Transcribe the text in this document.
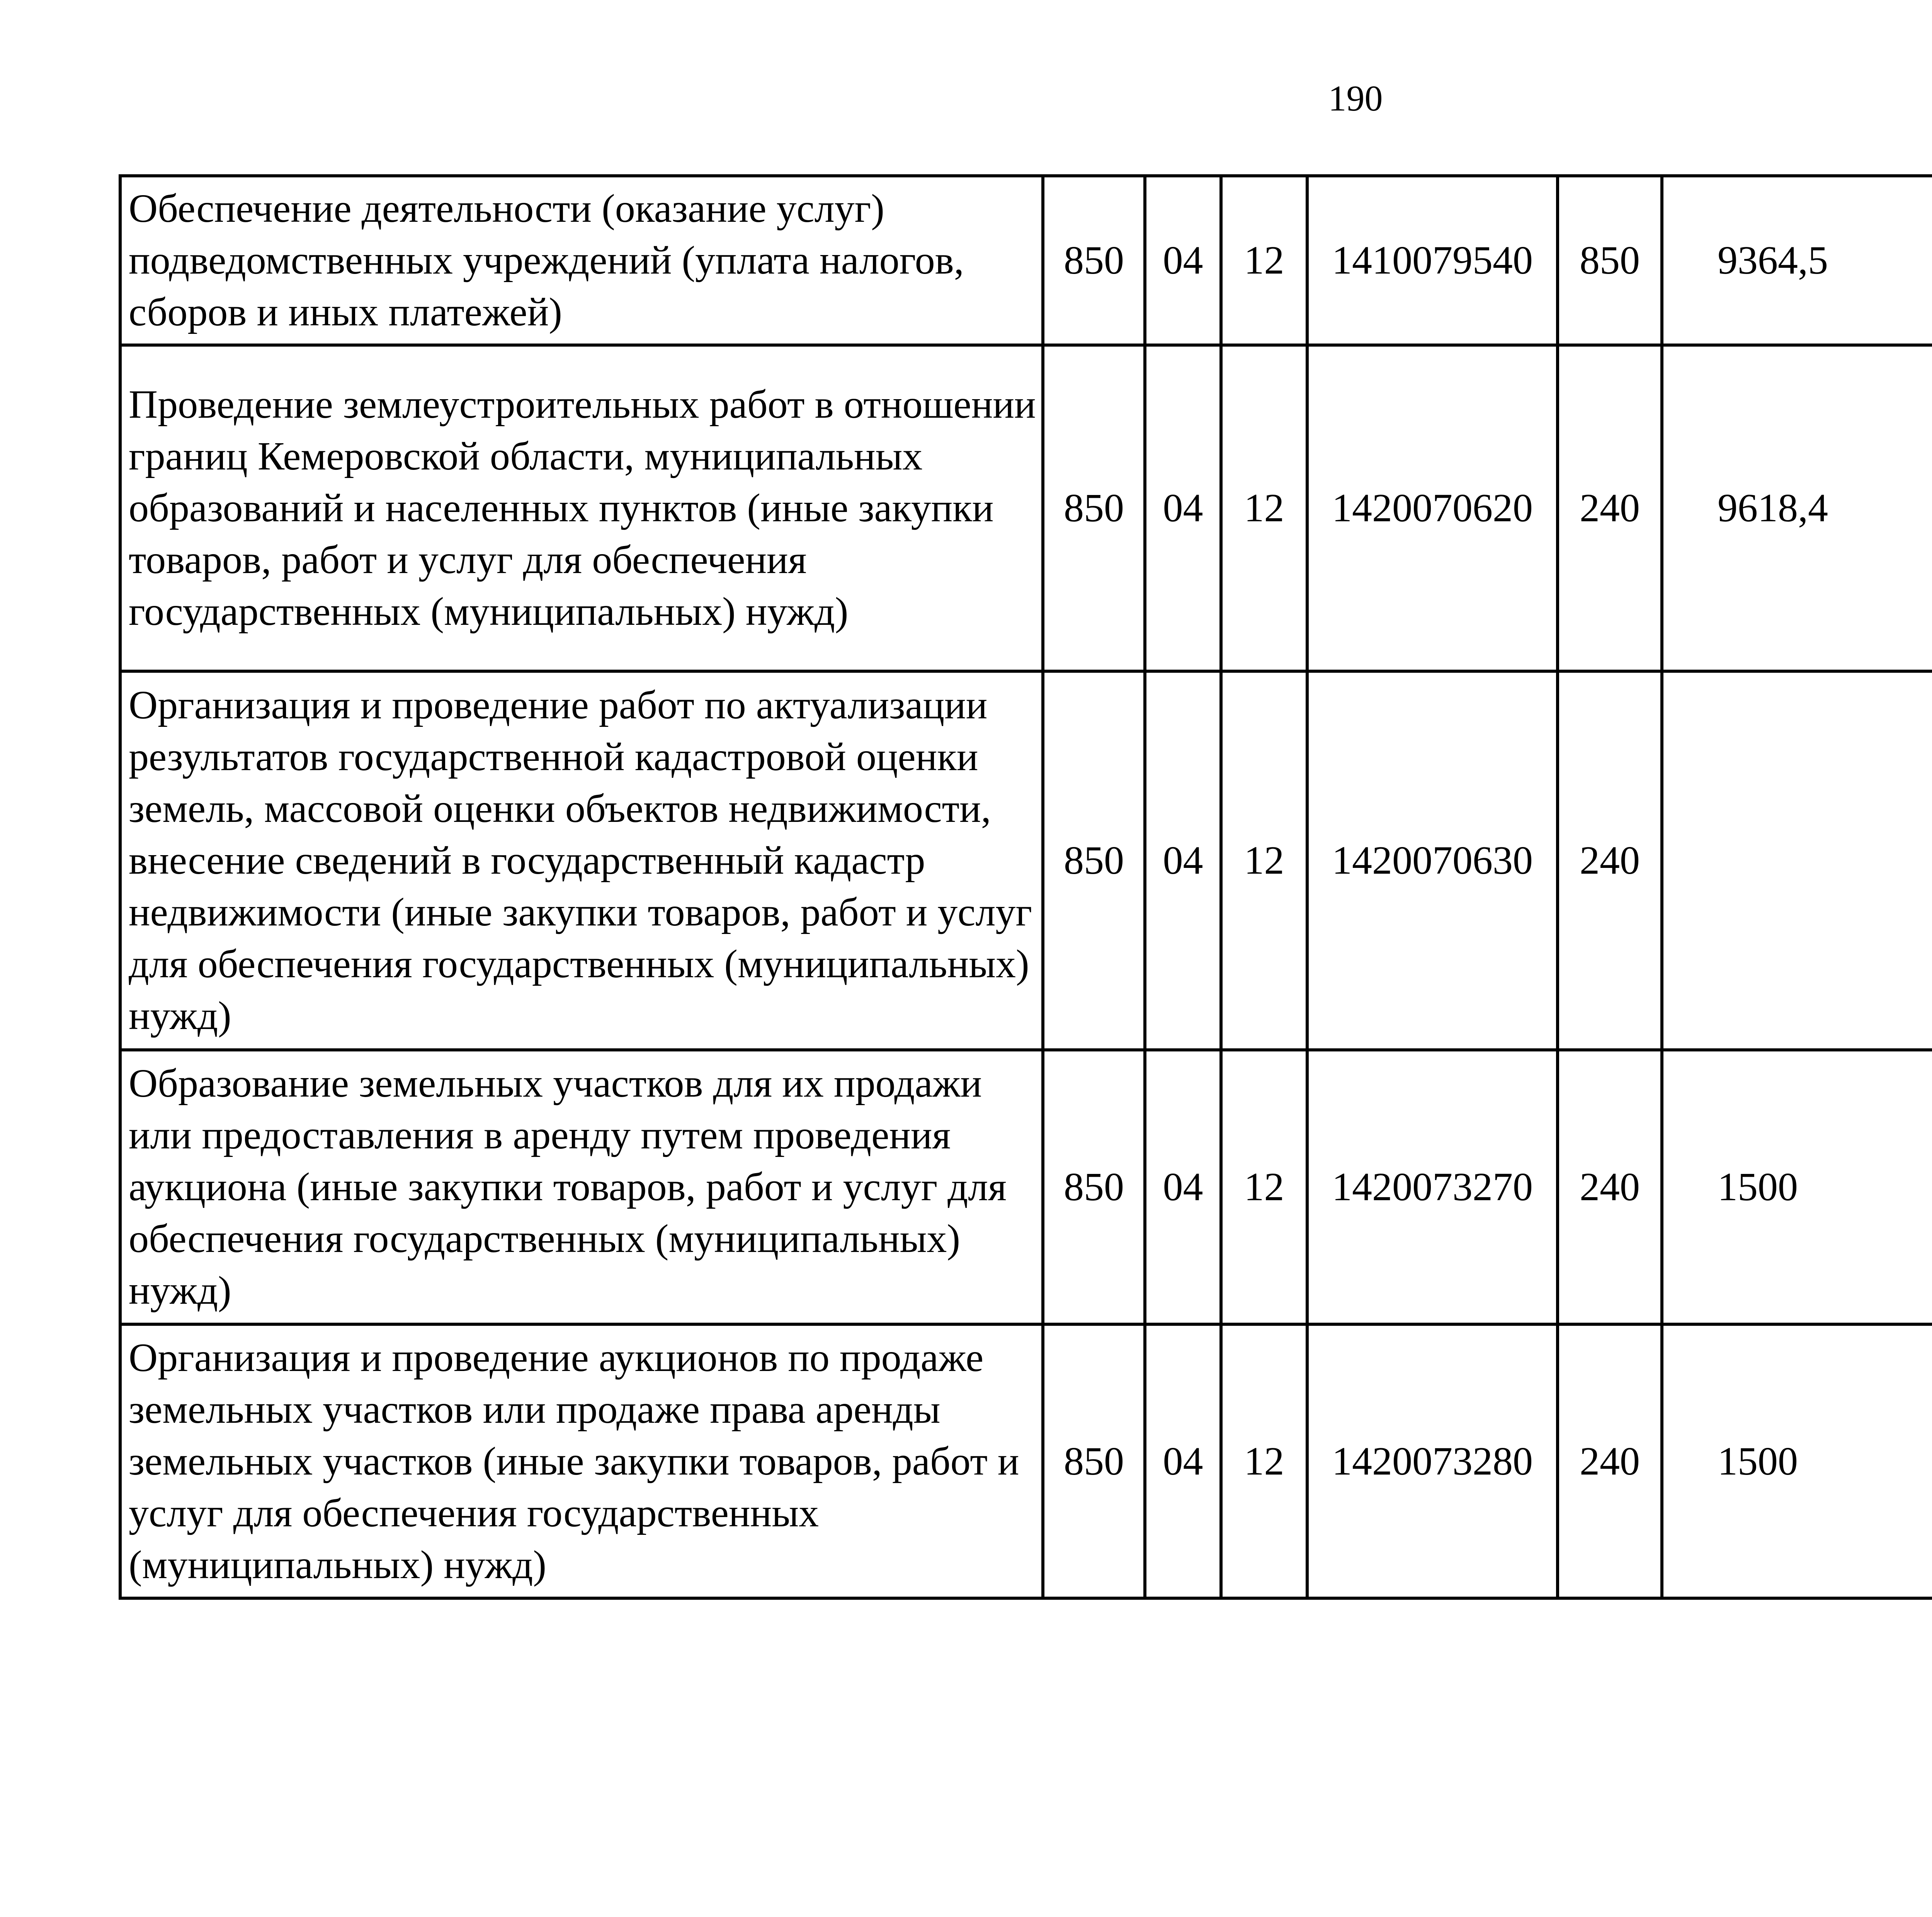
190
Обеспечение деятельности (оказание услуг) подведомственных учреждений (уплата налогов, сборов и иных платежей)	850	04	12	1410079540	850	9364,5		
Проведение землеустроительных работ в отношении границ Кемеровской области, муниципальных образований и населенных пунктов (иные закупки товаров, работ и услуг для обеспечения государственных (муниципальных) нужд)	850	04	12	1420070620	240	9618,4		
Организация и проведение работ по актуализации результатов государственной кадастровой оценки земель, массовой оценки объектов недвижимости, внесение сведений в государственный кадастр недвижимости (иные закупки товаров, работ и услуг для обеспечения государственных (муниципальных) нужд)	850	04	12	1420070630	240			
Образование земельных участков для их продажи или предоставления в аренду путем проведения аукциона (иные закупки товаров, работ и услуг для обеспечения государственных (муниципальных) нужд)	850	04	12	1420073270	240	1500		
Организация и проведение аукционов по продаже земельных участков или продаже права аренды земельных участков (иные закупки товаров, работ и услуг для обеспечения государственных (муниципальных) нужд)	850	04	12	1420073280	240	1500		
